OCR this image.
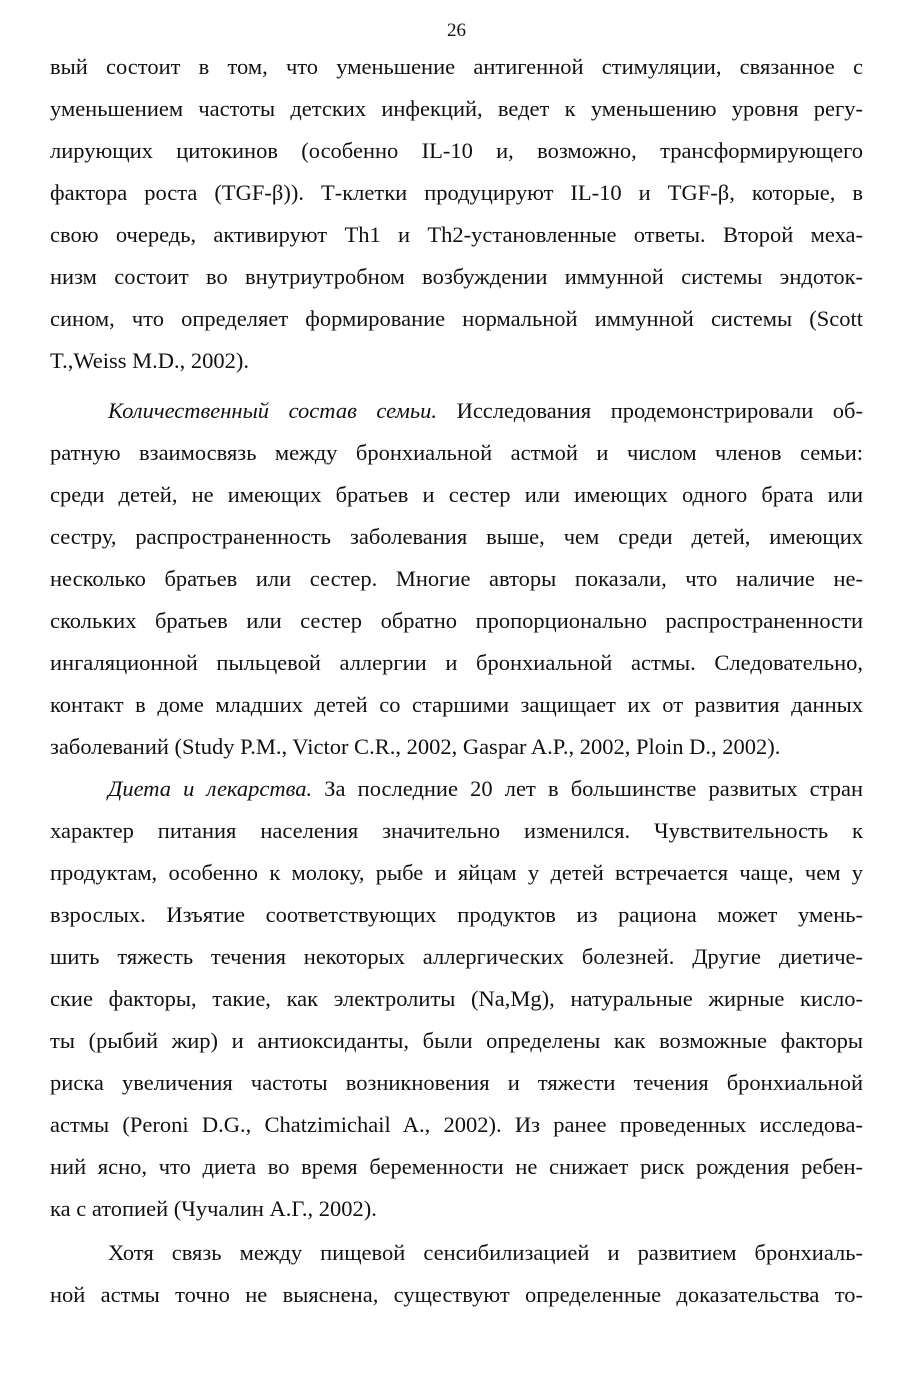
26
вый состоит в том, что уменьшение антигенной стимуляции, связанное с
уменьшением частоты детских инфекций, ведет к уменьшению уровня регу-
лирующих цитокинов (особенно IL-10 и, возможно, трансформирующего
фактора роста (TGF-β)). Т-клетки продуцируют IL-10 и TGF-β, которые, в
свою очередь, активируют Th1 и Th2-установленные ответы. Второй меха-
низм состоит во внутриутробном возбуждении иммунной системы эндоток-
сином, что определяет формирование нормальной иммунной системы (Scott
T.,Weiss M.D., 2002).
Количественный состав семьи. Исследования продемонстрировали об-
ратную взаимосвязь между бронхиальной астмой и числом членов семьи:
среди детей, не имеющих братьев и сестер или имеющих одного брата или
сестру, распространенность заболевания выше, чем среди детей, имеющих
несколько братьев или сестер. Многие авторы показали, что наличие не-
скольких братьев или сестер обратно пропорционально распространенности
ингаляционной пыльцевой аллергии и бронхиальной астмы. Следовательно,
контакт в доме младших детей со старшими защищает их от развития данных
заболеваний (Study P.M., Victor C.R., 2002, Gaspar A.P., 2002, Ploin D., 2002).
Диета и лекарства. За последние 20 лет в большинстве развитых стран
характер питания населения значительно изменился. Чувствительность к
продуктам, особенно к молоку, рыбе и яйцам у детей встречается чаще, чем у
взрослых. Изъятие соответствующих продуктов из рациона может умень-
шить тяжесть течения некоторых аллергических болезней. Другие диетиче-
ские факторы, такие, как электролиты (Na,Mg), натуральные жирные кисло-
ты (рыбий жир) и антиоксиданты, были определены как возможные факторы
риска увеличения частоты возникновения и тяжести течения бронхиальной
астмы (Peroni D.G., Chatzimichail A., 2002). Из ранее проведенных исследова-
ний ясно, что диета во время беременности не снижает риск рождения ребен-
ка с атопией (Чучалин А.Г., 2002).
Хотя связь между пищевой сенсибилизацией и развитием бронхиаль-
ной астмы точно не выяснена, существуют определенные доказательства то-
